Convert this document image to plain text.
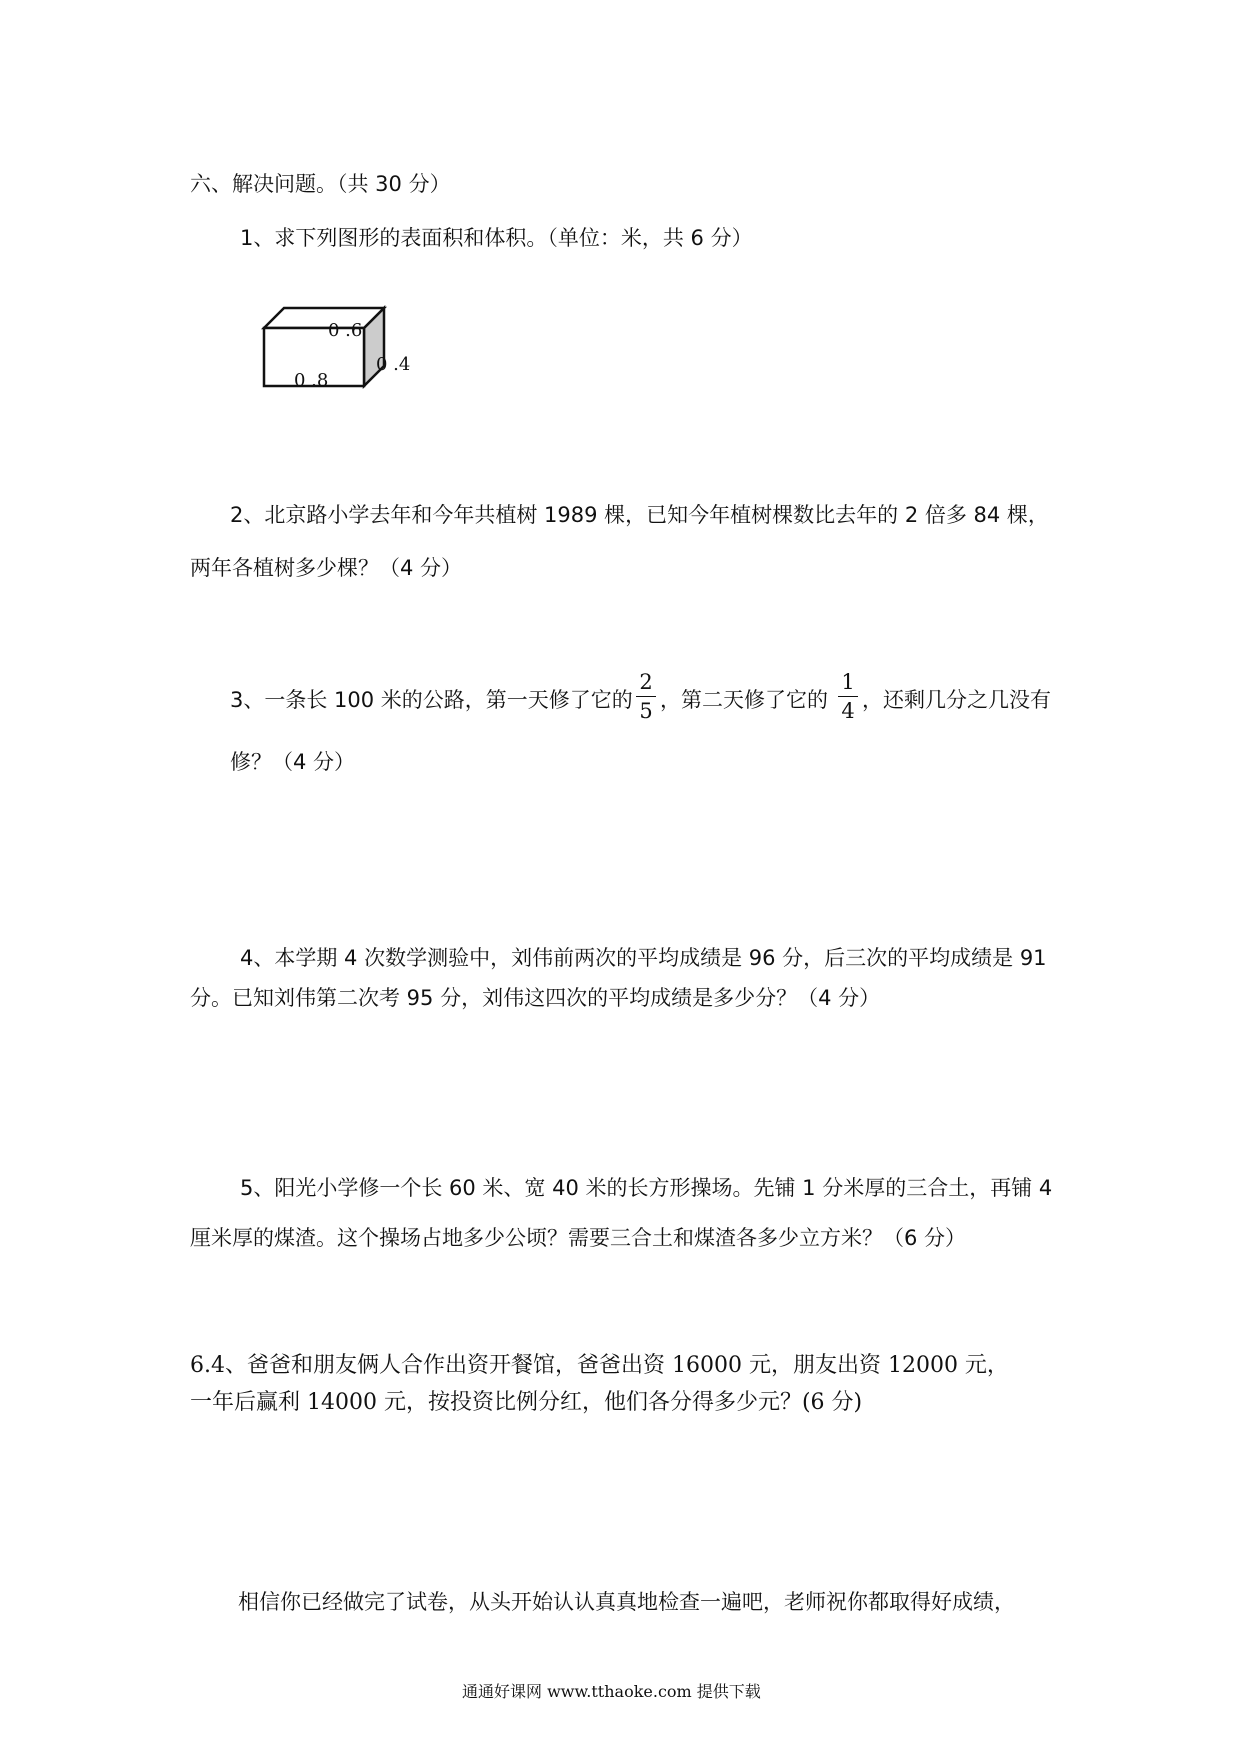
六、解决问题。（共 30 分）
1、求下列图形的表面积和体积。（单位：米，共 6 分）
0 .6
0 .4
0 .8
2、北京路小学去年和今年共植树 1989 棵，已知今年植树棵数比去年的 2 倍多 84 棵，
两年各植树多少棵？（4 分）
3、一条长 100 米的公路，第一天修了它的
2
5 ，第二天修了它的
1
4 ，还剩几分之几没有
修？（4 分）
4、本学期 4 次数学测验中，刘伟前两次的平均成绩是 96 分，后三次的平均成绩是 91
分。已知刘伟第二次考 95 分，刘伟这四次的平均成绩是多少分？（4 分）
5、阳光小学修一个长 60 米、宽 40 米的长方形操场。先铺 1 分米厚的三合土，再铺 4
厘米厚的煤渣。这个操场占地多少公顷？需要三合土和煤渣各多少立方米？（6 分）
6.4、爸爸和朋友俩人合作出资开餐馆，爸爸出资 16000 元，朋友出资 12000 元，
一年后赢利 14000 元，按投资比例分红，他们各分得多少元？(6 分)
相信你已经做完了试卷，从头开始认认真真地检查一遍吧，老师祝你都取得好成绩，
通通好课网 www.tthaoke.com 提供下载
